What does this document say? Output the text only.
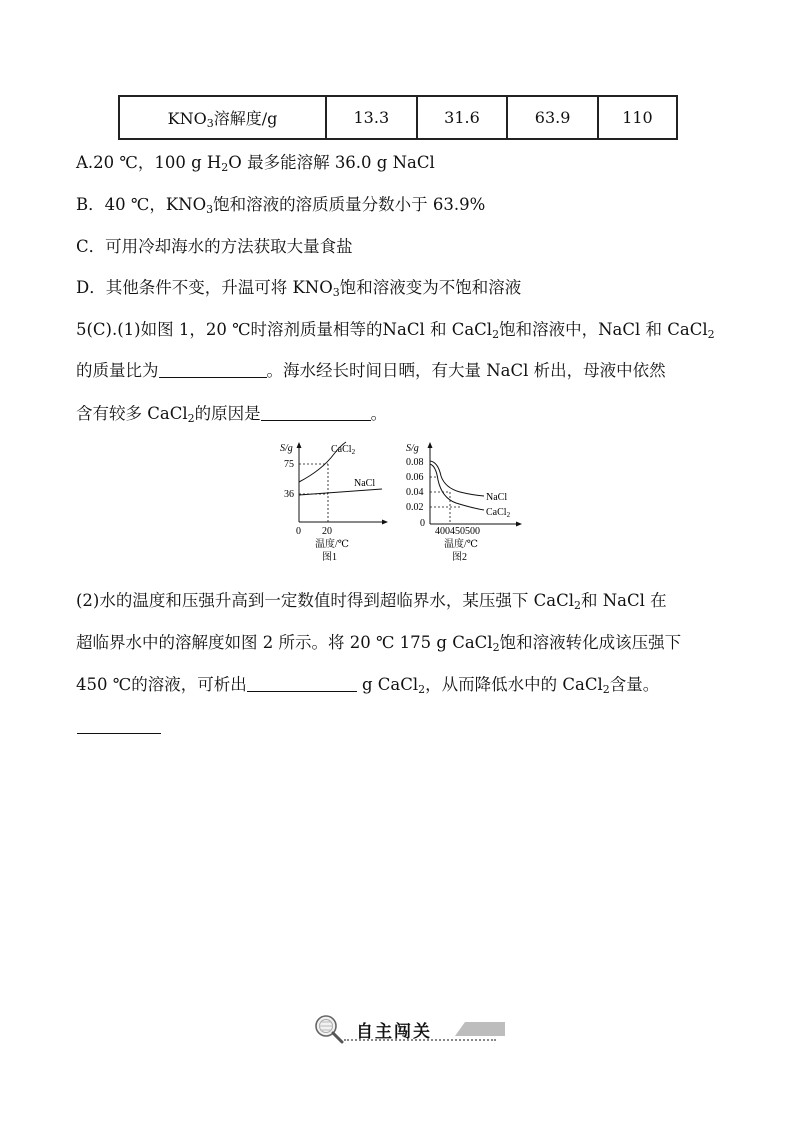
$KNO_3$溶解度/g	13.3	31.6	63.9	110
A.20 ℃，100 g $H_2O$ 最多能溶解 36.0 g NaCl
B．40 ℃，$KNO_3$饱和溶液的溶质质量分数小于 63.9%
C．可用冷却海水的方法获取大量食盐
D．其他条件不变，升温可将 $KNO_3$饱和溶液变为不饱和溶液
5(C).(1)如图 1，20 ℃时溶剂质量相等的NaCl 和 CaCl$_2$饱和溶液中，NaCl 和 CaCl$_2$
的质量比为	。海水经长时间日晒，有大量 NaCl 析出，母液中依然
含有较多 CaCl$_2$的原因是	。
S/g
75
36
CaCl$_2$
NaCl
0 20
温度/℃
图1
S/g
0.08
0.06
0.04
0.02
0
NaCl
CaCl$_2$
400450500
温度/℃
图2
(2)水的温度和压强升高到一定数值时得到超临界水，某压强下 CaCl$_2$和 NaCl 在
超临界水中的溶解度如图 2 所示。将 20 ℃ 175 g CaCl$_2$饱和溶液转化成该压强下
450 ℃的溶液，可析出	g CaCl$_2$，从而降低水中的 CaCl$_2$含量。
自主闯关
